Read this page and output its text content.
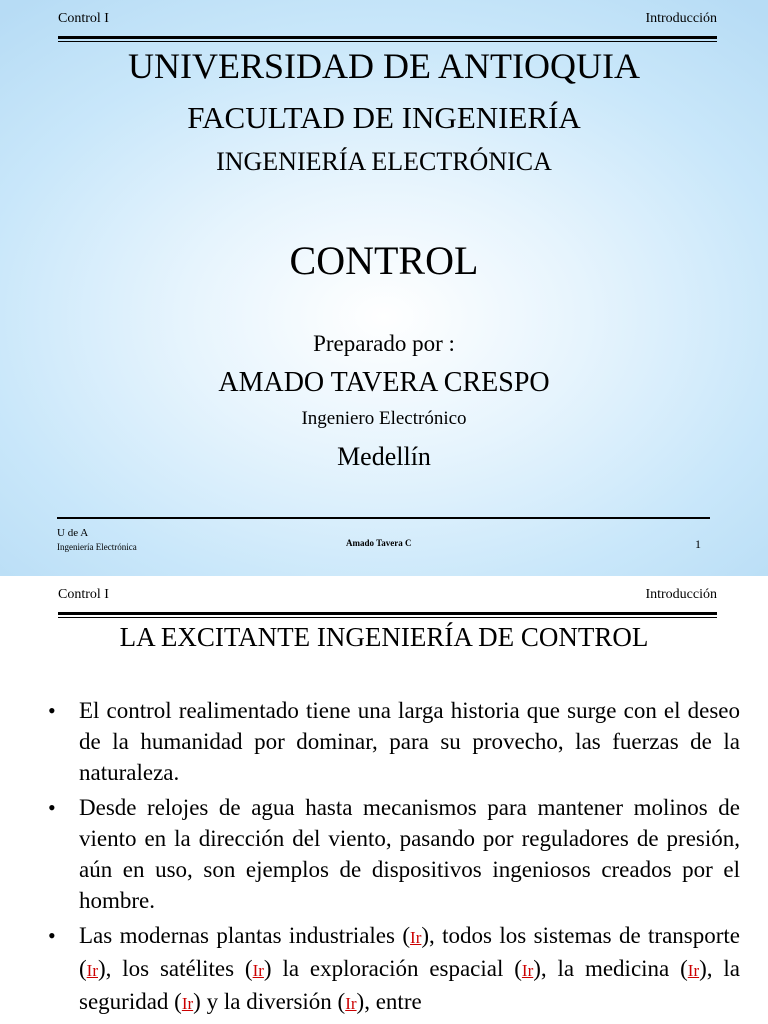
Control I	Introducción
UNIVERSIDAD DE ANTIOQUIA
FACULTAD DE INGENIERÍA
INGENIERÍA ELECTRÓNICA
CONTROL
Preparado por :
AMADO TAVERA CRESPO
Ingeniero Electrónico
Medellín
U de A
Ingeniería Electrónica	Amado Tavera C	1
Control I	Introducción
LA EXCITANTE INGENIERÍA DE CONTROL
• El control realimentado tiene una larga historia que surge con el deseo de la humanidad por dominar, para su provecho, las fuerzas de la naturaleza.
• Desde relojes de agua hasta mecanismos para mantener molinos de viento en la dirección del viento, pasando por reguladores de presión, aún en uso, son ejemplos de dispositivos ingeniosos creados por el hombre.
• Las modernas plantas industriales (Ir), todos los sistemas de transporte (Ir), los satélites (Ir) la exploración espacial (Ir), la medicina (Ir), la seguridad (Ir) y la diversión (Ir), entre
